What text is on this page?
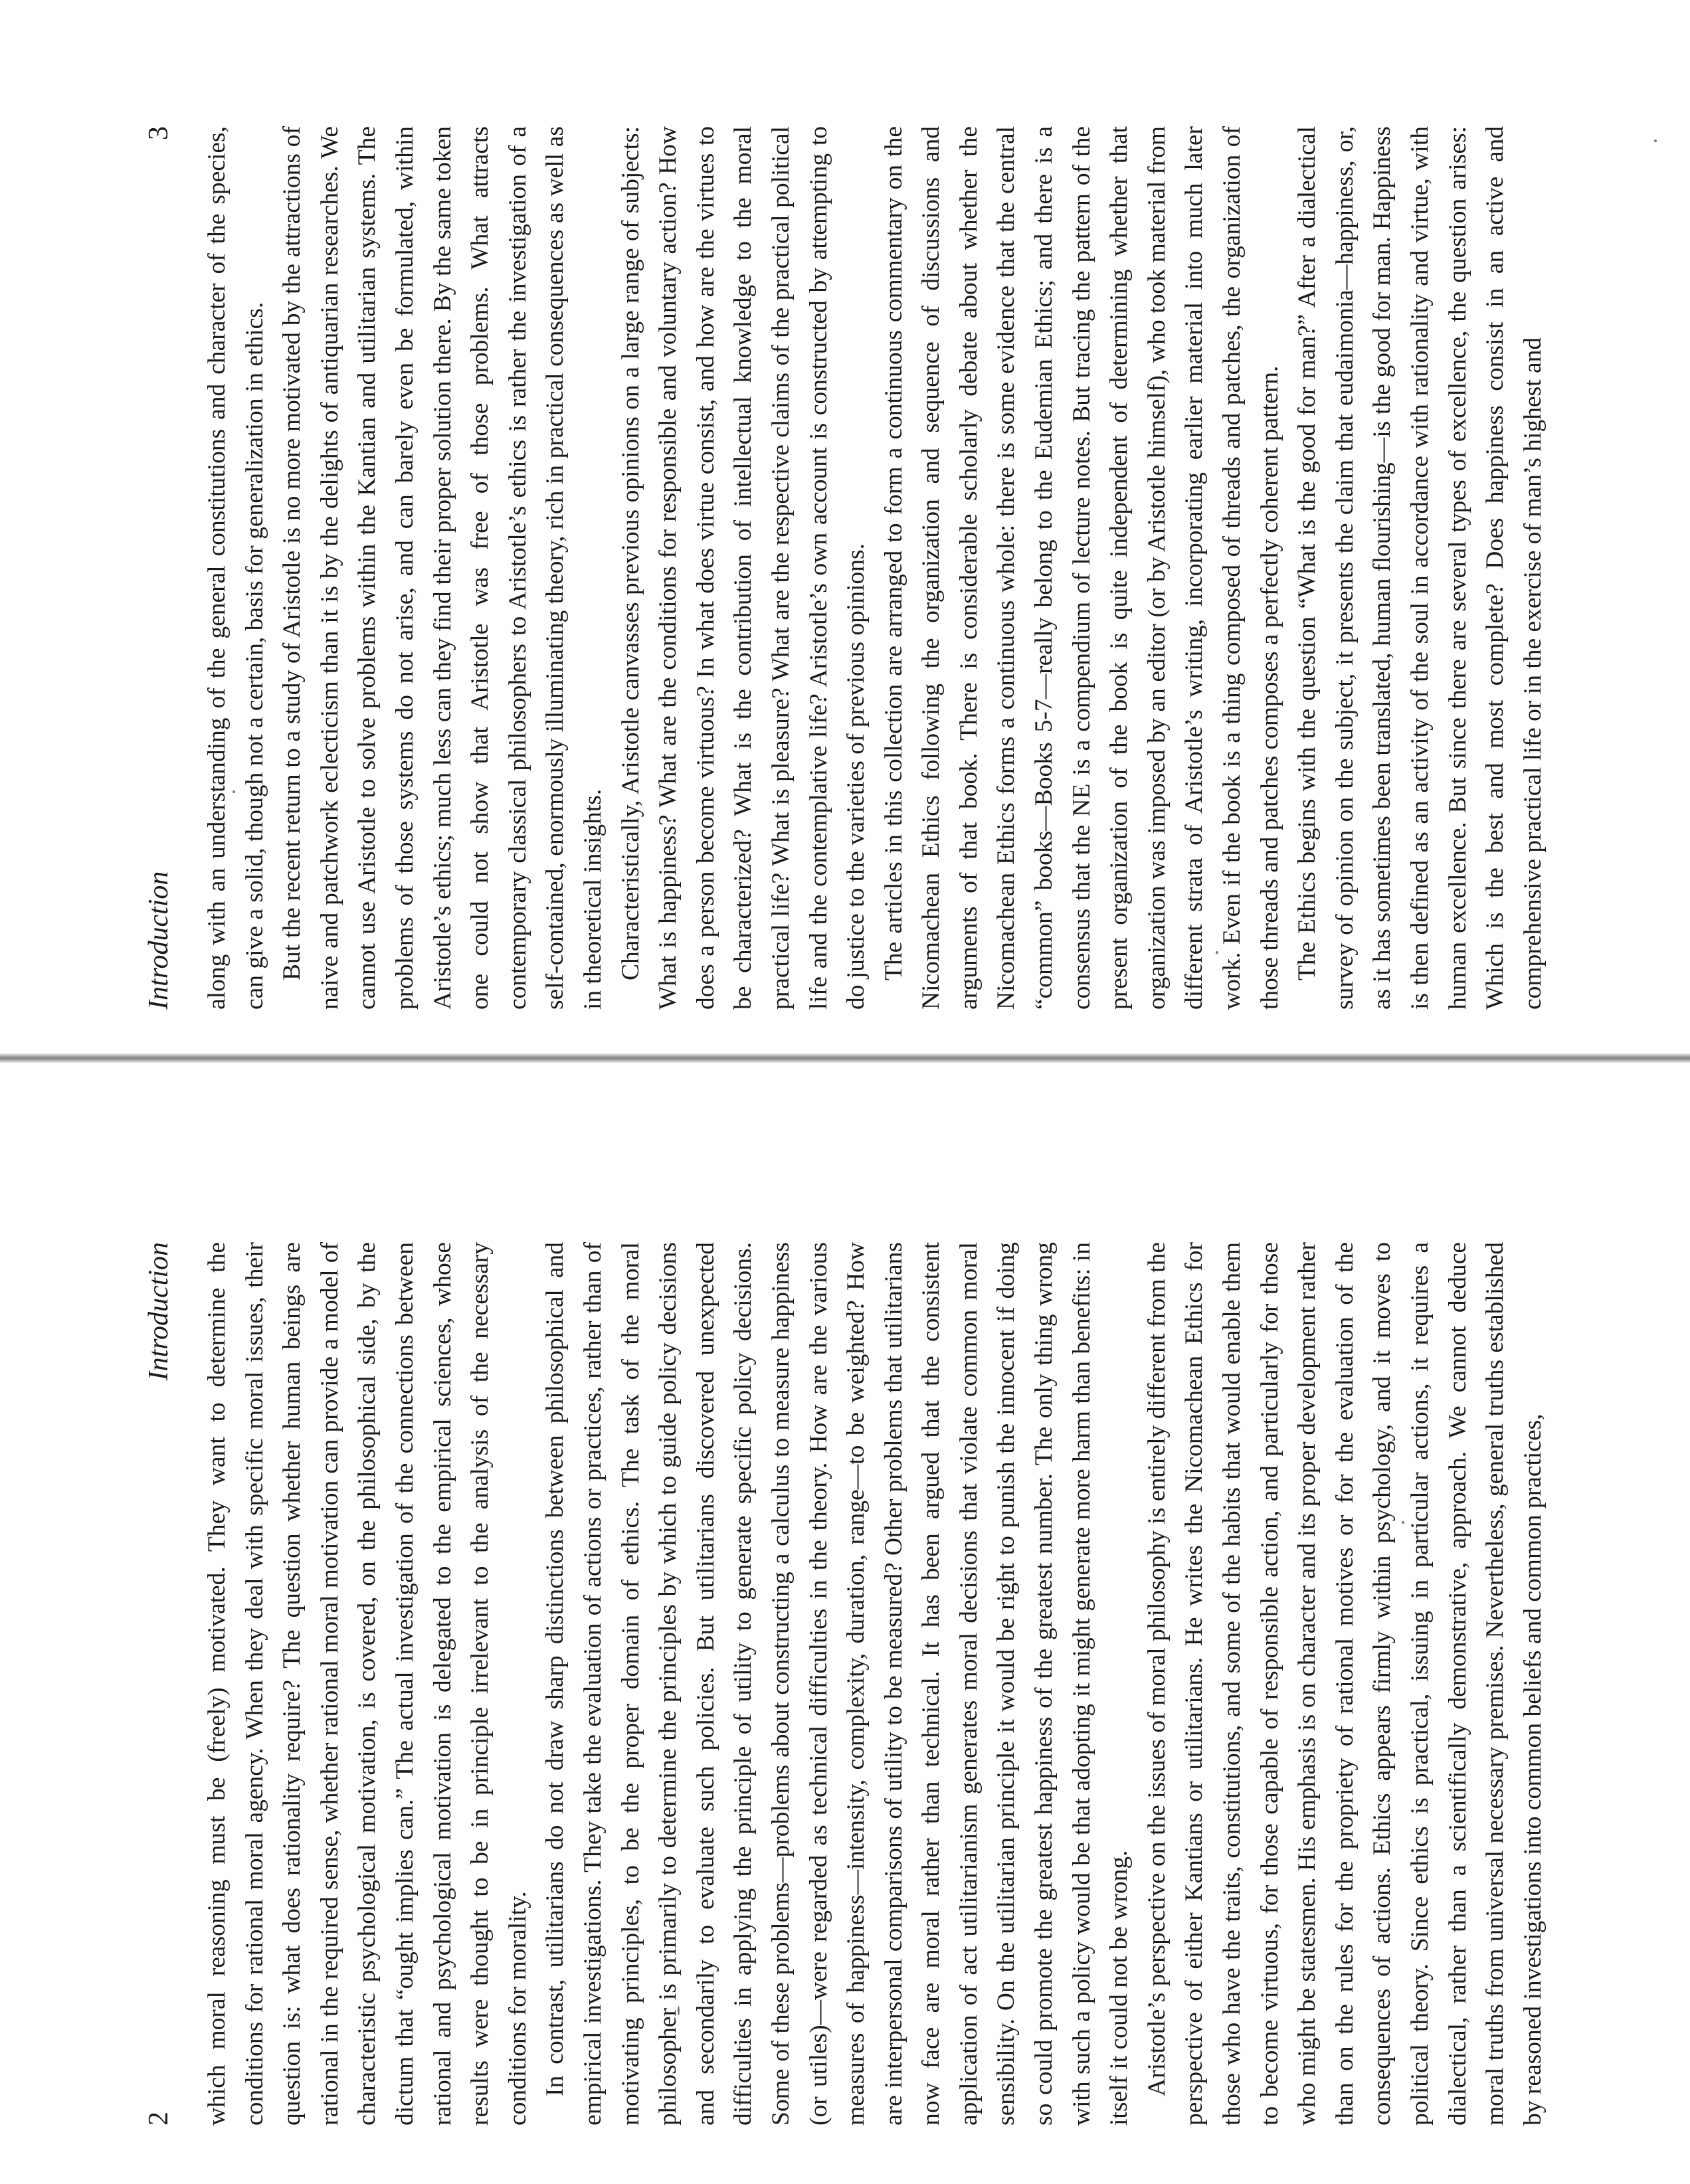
Introduction
3 along with an understanding of the general constitutions and character of the species, can give a solid, though not a certain, basis for generalization in ethics. But the recent return to a study of Aristotle is no more motivated by the attractions of naive and patchwork eclecticism than it is by the delights of antiquarian researches. We cannot use Aristotle to solve problems within the Kantian and utilitarian systems. The problems of those systems do not arise, and can barely even be formulated, within Aristotle’s ethics; much less can they find their proper solution there. By the same token one could not show that Aristotle was free of those problems. What attracts contemporary classical philosophers to Aristotle’s ethics is rather the investigation of a self-contained, enormously illuminating theory, rich in practical consequences as well as in theoretical insights. Characteristically, Aristotle canvasses previous opinions on a large range of subjects: What is happiness? What are the conditions for responsible and voluntary action? How does a person become virtuous? In what does virtue consist, and how are the virtues to be characterized? What is the contribution of intellectual knowledge to the moral practical life? What is pleasure? What are the respective claims of the practical political life and the contemplative life? Aristotle’s own account is constructed by attempting to do justice to the varieties of previous opinions. The articles in this collection are arranged to form a continuous commentary on the Nicomachean Ethics following the organization and sequence of discussions and arguments of that book. There is considerable scholarly debate about whether the Nicomachean Ethics forms a continuous whole: there is some evidence that the central “common” books—Books 5-7—really belong to the Eudemian Ethics; and there is a consensus that the NE is a compendium of lecture notes. But tracing the pattern of the present organization of the book is quite independent of determining whether that organization was imposed by an editor (or by Aristotle himself), who took material from different strata of Aristotle’s writing, incorporating earlier material into much later work. Even if the book is a thing composed of threads and patches, the organization of those threads and patches composes a perfectly coherent pattern. The Ethics begins with the question “What is the good for man?” After a dialectical survey of opinion on the subject, it presents the claim that eudaimonia—happiness, or, as it has sometimes been translated, human flourishing—is the good for man. Happiness is then defined as an activity of the soul in accordance with rationality and virtue, with human excellence. But since there are several types of excellence, the question arises: Which is the best and most complete? Does happiness consist in an active and comprehensive practical life or in the exercise of man’s highest and

2
Introduction which moral reasoning must be (freely) motivated. They want to determine the conditions for rational moral agency. When they deal with specific moral issues, their question is: what does rationality require? The question whether human beings are rational in the required sense, whether rational moral motivation can provide a model of characteristic psychological motivation, is covered, on the philosophical side, by the dictum that “ought implies can.” The actual investigation of the connections between rational and psychological motivation is delegated to the empirical sciences, whose results were thought to be in principle irrelevant to the analysis of the necessary conditions for morality. In contrast, utilitarians do not draw sharp distinctions between philosophical and empirical investigations. They take the evaluation of actions or practices, rather than of motivating principles, to be the proper domain of ethics. The task of the moral philosopher is primarily to determine the principles by which to guide policy decisions and secondarily to evaluate such policies. But utilitarians discovered unexpected difficulties in applying the principle of utility to generate specific policy decisions. Some of these problems—problems about constructing a calculus to measure happiness (or utiles)—were regarded as technical difficulties in the theory. How are the various measures of happiness—intensity, complexity, duration, range—to be weighted? How are interpersonal comparisons of utility to be measured? Other problems that utilitarians now face are moral rather than technical. It has been argued that the consistent application of act utilitarianism generates moral decisions that violate common moral sensibility. On the utilitarian principle it would be right to punish the innocent if doing so could promote the greatest happiness of the greatest number. The only thing wrong with such a policy would be that adopting it might generate more harm than benefits: in itself it could not be wrong. Aristotle’s perspective on the issues of moral philosophy is entirely different from the perspective of either Kantians or utilitarians. He writes the Nicomachean Ethics for those who have the traits, constitutions, and some of the habits that would enable them to become virtuous, for those capable of responsible action, and particularly for those who might be statesmen. His emphasis is on character and its proper development rather than on the rules for the propriety of rational motives or for the evaluation of the consequences of actions. Ethics appears firmly within psychology, and it moves to political theory. Since ethics is practical, issuing in particular actions, it requires a dialectical, rather than a scientifically demonstrative, approach. We cannot deduce moral truths from universal necessary premises. Nevertheless, general truths established by reasoned investigations into common beliefs and common practices,
